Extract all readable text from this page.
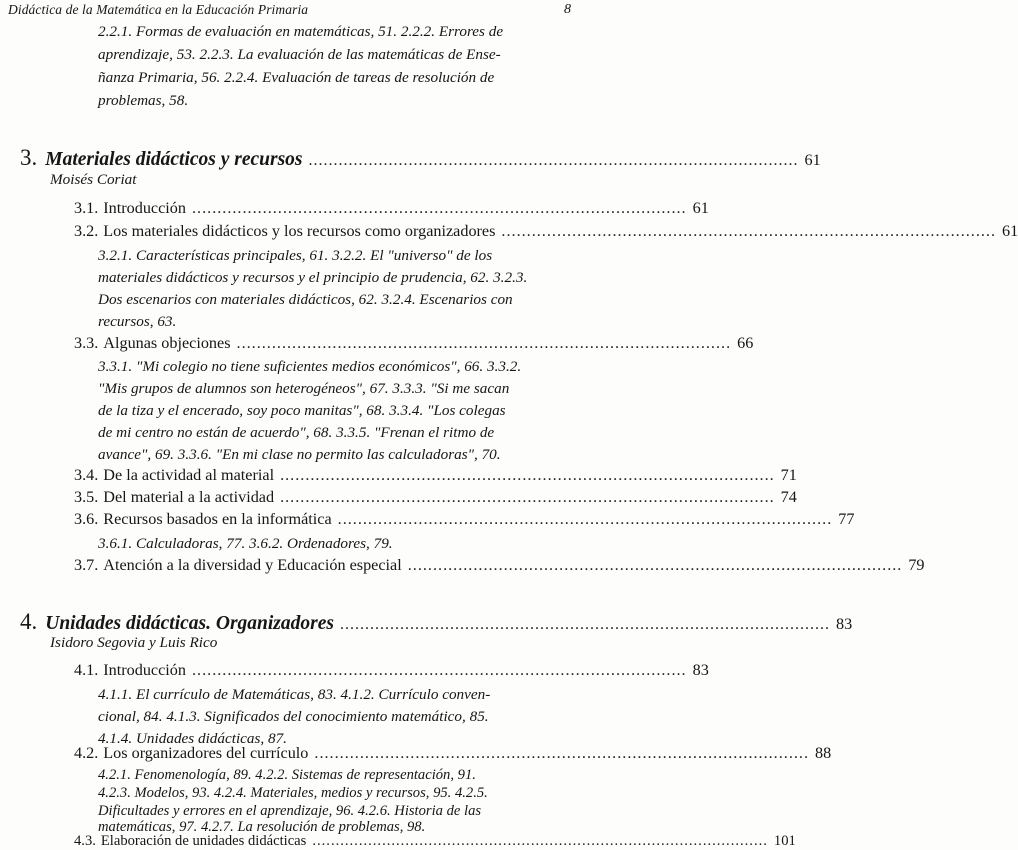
Didáctica de la Matemática en la Educación Primaria
2.2.1. Formas de evaluación en matemáticas, 51. 2.2.2. Errores de
aprendizaje, 53. 2.2.3. La evaluación de las matemáticas de Ense-
ñanza Primaria, 56. 2.2.4. Evaluación de tareas de resolución de
problemas, 58.
3. Materiales didácticos y recursos .................................................................................................. 61
Moisés Coriat
3.1. Introducción .................................................................................................. 61
3.2. Los materiales didácticos y los recursos como organizadores .................................................................................................. 61
3.2.1. Características principales, 61. 3.2.2. El "universo" de los
materiales didácticos y recursos y el principio de prudencia, 62. 3.2.3.
Dos escenarios con materiales didácticos, 62. 3.2.4. Escenarios con
recursos, 63.
3.3. Algunas objeciones .................................................................................................. 66
3.3.1. "Mi colegio no tiene suficientes medios económicos", 66. 3.3.2.
"Mis grupos de alumnos son heterogéneos", 67. 3.3.3. "Si me sacan
de la tiza y el encerado, soy poco manitas", 68. 3.3.4. "Los colegas
de mi centro no están de acuerdo", 68. 3.3.5. "Frenan el ritmo de
avance", 69. 3.3.6. "En mi clase no permito las calculadoras", 70.
3.4. De la actividad al material .................................................................................................. 71
3.5. Del material a la actividad .................................................................................................. 74
3.6. Recursos basados en la informática .................................................................................................. 77
3.6.1. Calculadoras, 77. 3.6.2. Ordenadores, 79.
3.7. Atención a la diversidad y Educación especial .................................................................................................. 79
4. Unidades didácticas. Organizadores .................................................................................................. 83
Isidoro Segovia y Luis Rico
4.1. Introducción .................................................................................................. 83
4.1.1. El currículo de Matemáticas, 83. 4.1.2. Currículo conven-
cional, 84. 4.1.3. Significados del conocimiento matemático, 85.
4.1.4. Unidades didácticas, 87.
4.2. Los organizadores del currículo .................................................................................................. 88
4.2.1. Fenomenología, 89. 4.2.2. Sistemas de representación, 91.
4.2.3. Modelos, 93. 4.2.4. Materiales, medios y recursos, 95. 4.2.5.
Dificultades y errores en el aprendizaje, 96. 4.2.6. Historia de las
8
matemáticas, 97. 4.2.7. La resolución de problemas, 98.
4.3. Elaboración de unidades didácticas .................................................................................................. 101
